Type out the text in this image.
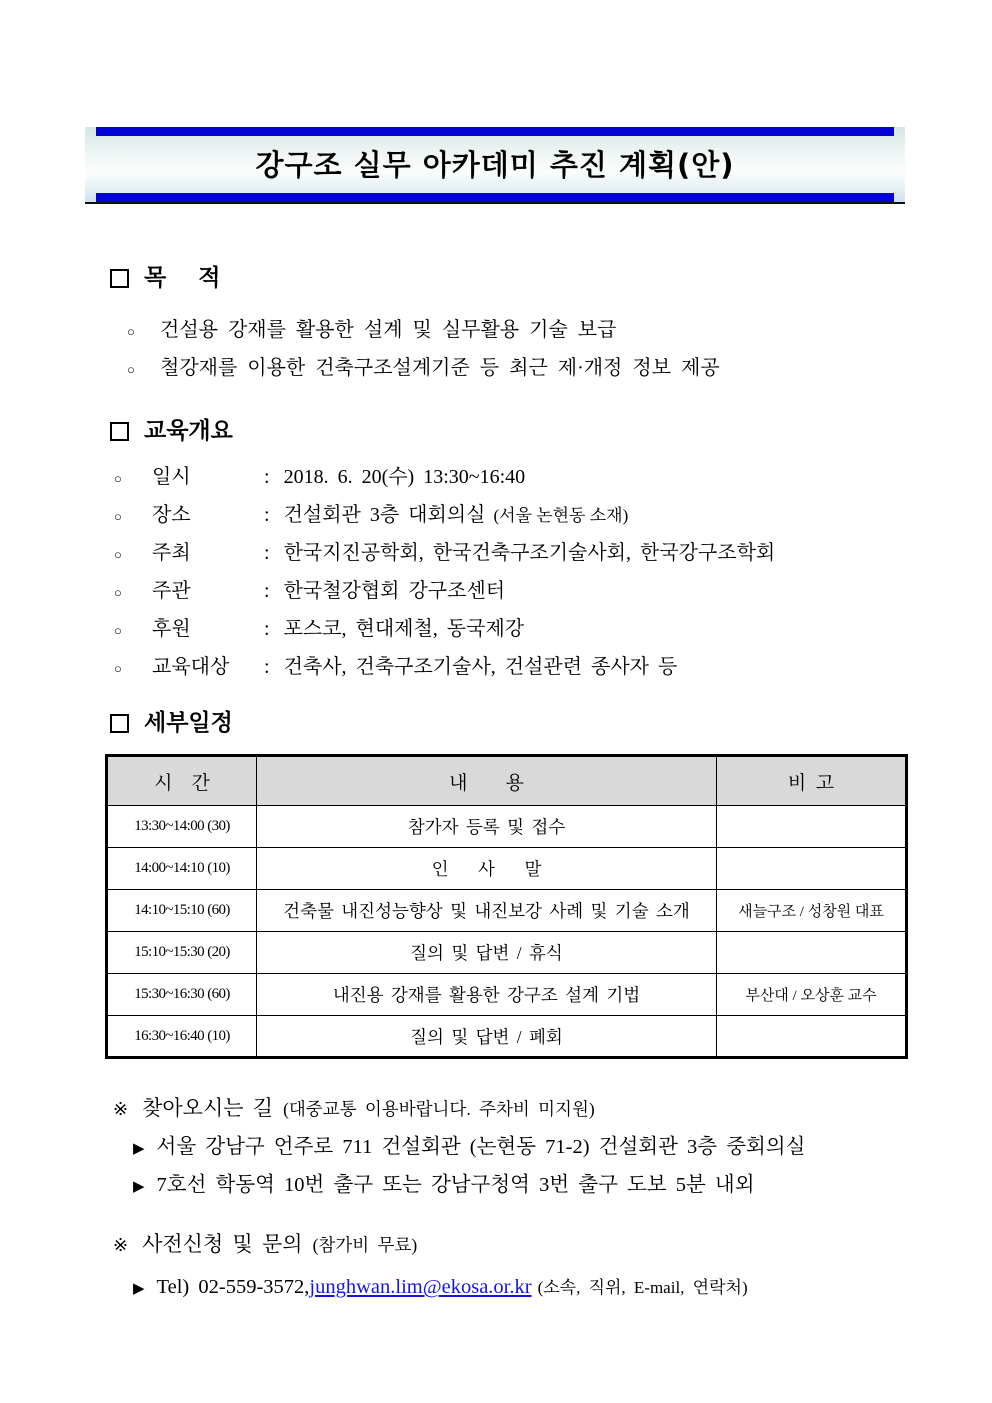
강구조 실무 아카데미 추진 계획(안)
목    적
○	건설용 강재를 활용한 설계 및 실무활용 기술 보급
○	철강재를 이용한 건축구조설계기준 등 최근 제·개정 정보 제공
교육개요
○	일시	: 2018. 6. 20(수) 13:30~16:40
○	장소	: 건설회관 3층 대회의실 (서울 논현동 소재)
○	주최	: 한국지진공학회, 한국건축구조기술사회, 한국강구조학회
○	주관	: 한국철강협회 강구조센터
○	후원	: 포스코, 현대제철, 동국제강
○	교육대상	: 건축사, 건축구조기술사, 건설관련 종사자 등
세부일정
시    간	내        용	비  고
13:30~14:00 (30)	참가자 등록 및 접수	
14:00~14:10 (10)	인    사    말	
14:10~15:10 (60)	건축물 내진성능향상 및 내진보강 사례 및 기술 소개	새늘구조 / 성창원 대표
15:10~15:30 (20)	질의 및 답변 / 휴식	
15:30~16:30 (60)	내진용 강재를 활용한 강구조 설계 기법	부산대 / 오상훈 교수
16:30~16:40 (10)	질의 및 답변 / 폐회	
※ 찾아오시는 길 (대중교통 이용바랍니다. 주차비 미지원)
▶ 서울 강남구 언주로 711 건설회관 (논현동 71-2) 건설회관 3층 중회의실
▶ 7호선 학동역 10번 출구 또는 강남구청역 3번 출구 도보 5분 내외
※ 사전신청 및 문의 (참가비 무료)
▶ Tel) 02-559-3572, junghwan.lim@ekosa.or.kr (소속, 직위, E-mail, 연락처)
